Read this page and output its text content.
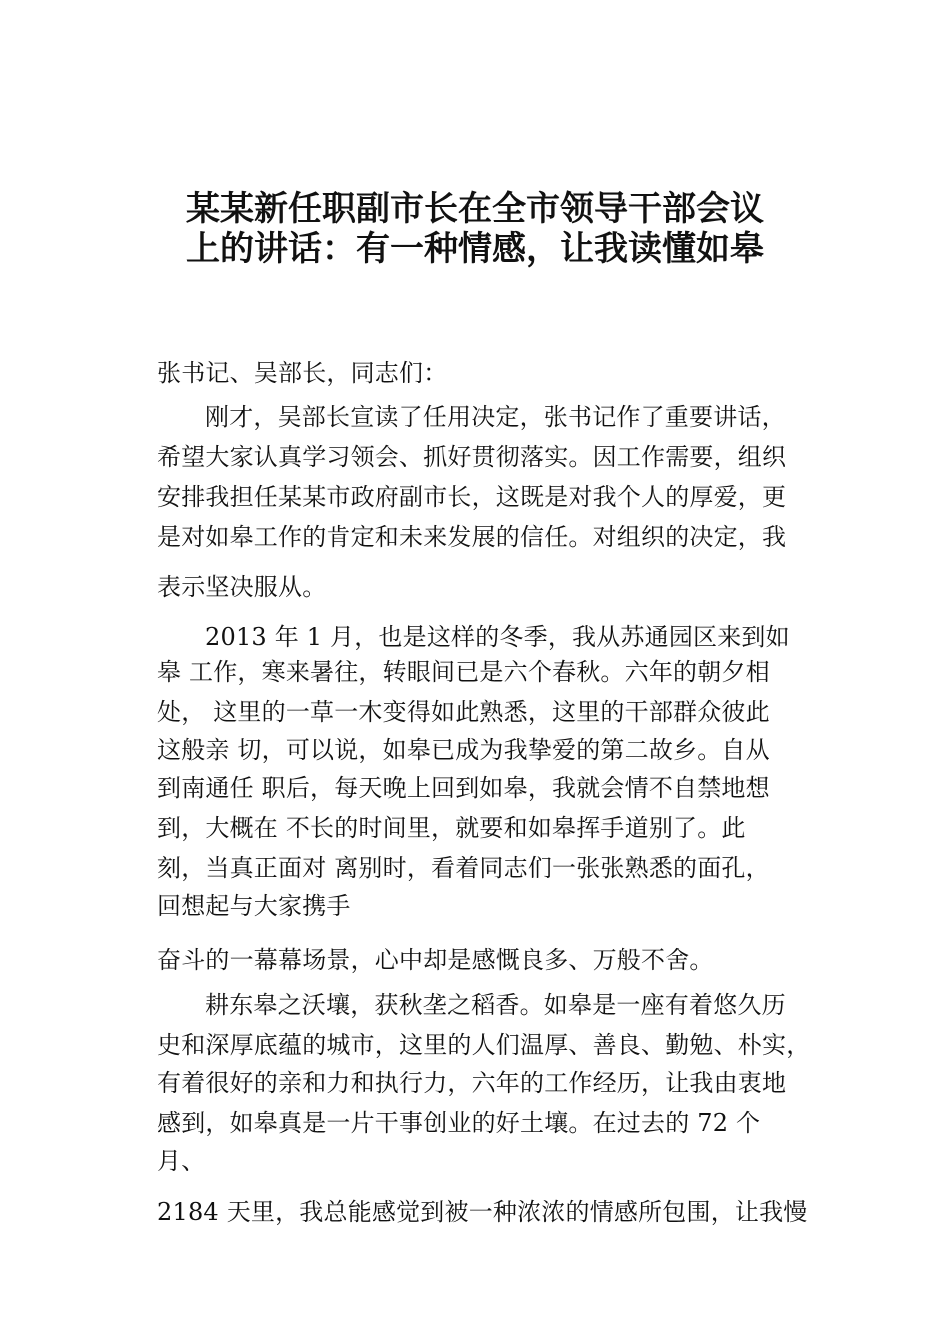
某某新任职副市长在全市领导干部会议
上的讲话：有一种情感，让我读懂如皋
张书记、吴部长，同志们：
刚才，吴部长宣读了任用决定，张书记作了重要讲话，
希望大家认真学习领会、抓好贯彻落实。因工作需要，组织
安排我担任某某市政府副市长，这既是对我个人的厚爱，更
是对如皋工作的肯定和未来发展的信任。对组织的决定，我
表示坚决服从。
2013 年 1 月，也是这样的冬季，我从苏通园区来到如
皋 工作，寒来暑往，转眼间已是六个春秋。六年的朝夕相
处， 这里的一草一木变得如此熟悉，这里的干部群众彼此
这般亲 切，可以说，如皋已成为我挚爱的第二故乡。自从
到南通任 职后，每天晚上回到如皋，我就会情不自禁地想
到，大概在 不长的时间里，就要和如皋挥手道别了。此
刻，当真正面对 离别时，看着同志们一张张熟悉的面孔，
回想起与大家携手
奋斗的一幕幕场景，心中却是感慨良多、万般不舍。
耕东皋之沃壤，获秋垄之稻香。如皋是一座有着悠久历
史和深厚底蕴的城市，这里的人们温厚、善良、勤勉、朴实，
有着很好的亲和力和执行力，六年的工作经历，让我由衷地
感到，如皋真是一片干事创业的好土壤。在过去的 72 个
月、
2184 天里，我总能感觉到被一种浓浓的情感所包围，让我慢
